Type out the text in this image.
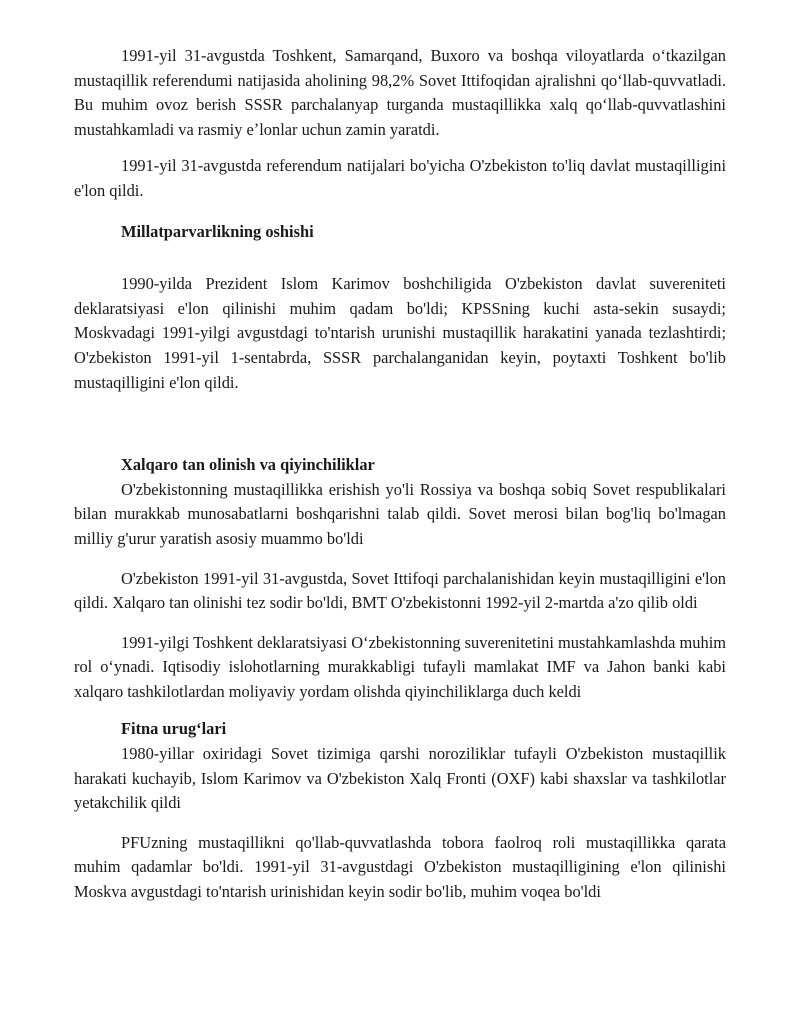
1991-yil 31-avgustda Toshkent, Samarqand, Buxoro va boshqa viloyatlarda oʻtkazilgan mustaqillik referendumi natijasida aholining 98,2% Sovet Ittifoqidan ajralishni qoʻllab-quvvatladi. Bu muhim ovoz berish SSSR parchalanyap turganda mustaqillikka xalq qoʻllab-quvvatlashini mustahkamladi va rasmiy eʼlonlar uchun zamin yaratdi.

1991-yil 31-avgustda referendum natijalari bo'yicha O'zbekiston to'liq davlat mustaqilligini e'lon qildi.

Millatparvarlikning oshishi

1990-yilda Prezident Islom Karimov boshchiligida O'zbekiston davlat suvereniteti deklaratsiyasi e'lon qilinishi muhim qadam bo'ldi; KPSSning kuchi asta-sekin susaydi; Moskvadagi 1991-yilgi avgustdagi to'ntarish urunishi mustaqillik harakatini yanada tezlashtirdi; O'zbekiston 1991-yil 1-sentabrda, SSSR parchalanganidan keyin, poytaxti Toshkent bo'lib mustaqilligini e'lon qildi.

Xalqaro tan olinish va qiyinchiliklar

O'zbekistonning mustaqillikka erishish yo'li Rossiya va boshqa sobiq Sovet respublikalari bilan murakkab munosabatlarni boshqarishni talab qildi. Sovet merosi bilan bog'liq bo'lmagan milliy g'urur yaratish asosiy muammo bo'ldi

O'zbekiston 1991-yil 31-avgustda, Sovet Ittifoqi parchalanishidan keyin mustaqilligini e'lon qildi. Xalqaro tan olinishi tez sodir bo'ldi, BMT O'zbekistonni 1992-yil 2-martda a'zo qilib oldi

1991-yilgi Toshkent deklaratsiyasi Oʻzbekistonning suverenitetini mustahkamlashda muhim rol oʻynadi. Iqtisodiy islohotlarning murakkabligi tufayli mamlakat IMF va Jahon banki kabi xalqaro tashkilotlardan moliyaviy yordam olishda qiyinchiliklarga duch keldi

Fitna urugʻlari

1980-yillar oxiridagi Sovet tizimiga qarshi noroziliklar tufayli O'zbekiston mustaqillik harakati kuchayib, Islom Karimov va O'zbekiston Xalq Fronti (OXF) kabi shaxslar va tashkilotlar yetakchilik qildi

PFUzning mustaqillikni qo'llab-quvvatlashda tobora faolroq roli mustaqillikka qarata muhim qadamlar bo'ldi. 1991-yil 31-avgustdagi O'zbekiston mustaqilligining e'lon qilinishi Moskva avgustdagi to'ntarish urinishidan keyin sodir bo'lib, muhim voqea bo'ldi
